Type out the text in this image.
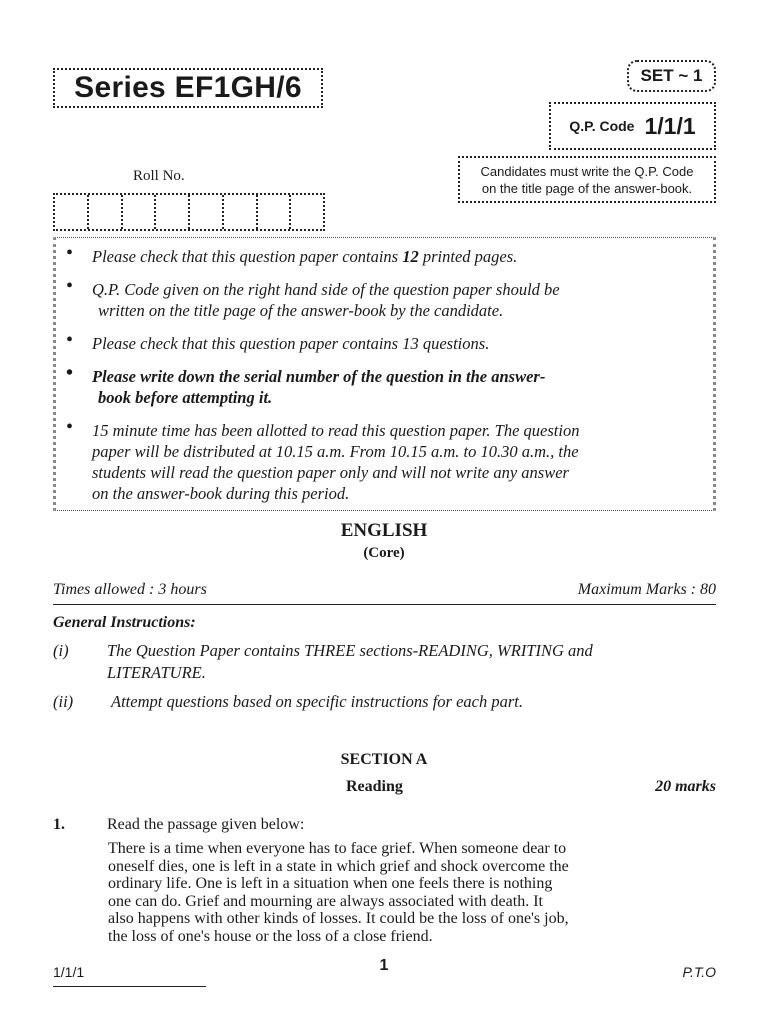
Series EF1GH/6	SET ~ 1
Q.P. Code 1/1/1
Candidates must write the Q.P. Code
on the title page of the answer-book.
Roll No.
• Please check that this question paper contains 12 printed pages.
• Q.P. Code given on the right hand side of the question paper should be
written on the title page of the answer-book by the candidate.
• Please check that this question paper contains 13 questions.
• Please write down the serial number of the question in the answer-
book before attempting it.
• 15 minute time has been allotted to read this question paper. The question
paper will be distributed at 10.15 a.m. From 10.15 a.m. to 10.30 a.m., the
students will read the question paper only and will not write any answer
on the answer-book during this period.
ENGLISH
(Core)
Times allowed : 3 hours	Maximum Marks : 80
General Instructions:
(i)	The Question Paper contains THREE sections-READING, WRITING and
LITERATURE.
(ii)	Attempt questions based on specific instructions for each part.
SECTION A
Reading	20 marks
1.	Read the passage given below:
There is a time when everyone has to face grief. When someone dear to
oneself dies, one is left in a state in which grief and shock overcome the
ordinary life. One is left in a situation when one feels there is nothing
one can do. Grief and mourning are always associated with death. It
also happens with other kinds of losses. It could be the loss of one's job,
the loss of one's house or the loss of a close friend.
1/1/1	1	P.T.O
